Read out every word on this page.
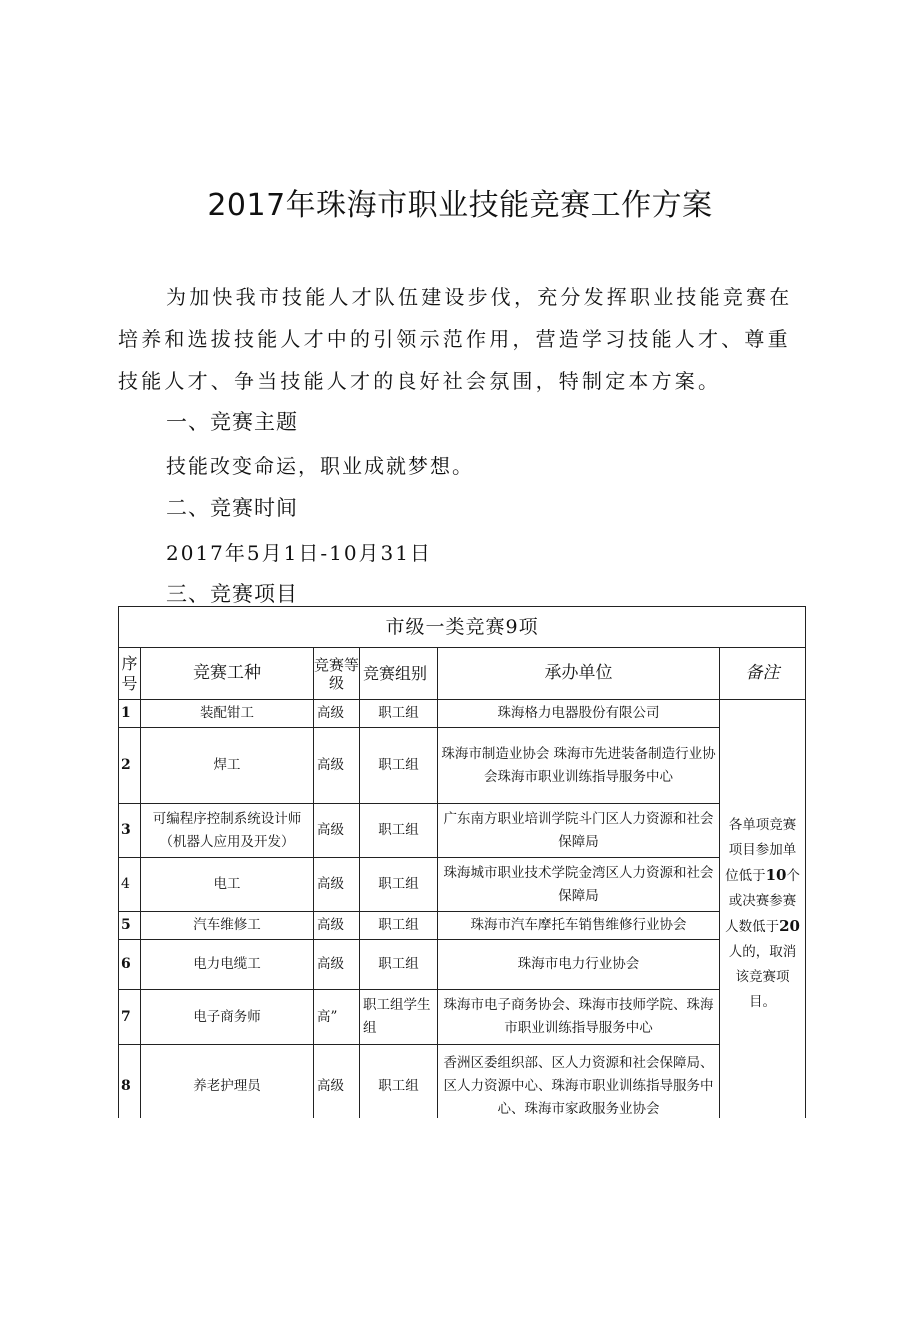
2017年珠海市职业技能竞赛工作方案
为加快我市技能人才队伍建设步伐，充分发挥职业技能竞赛在培养和选拔技能人才中的引领示范作用，营造学习技能人才、尊重技能人才、争当技能人才的良好社会氛围，特制定本方案。
一、竞赛主题
技能改变命运，职业成就梦想。
二、竞赛时间
2017年5月1日-10月31日
三、竞赛项目
市级一类竞赛9项					
序号	竞赛工种	竞赛等级	竞赛组别	承办单位	备注
1	装配钳工	高级	职工组	珠海格力电器股份有限公司	各单项竞赛项目参加单位低于10个或决赛参赛人数低于20人的，取消该竞赛项目。
2	焊工	高级	职工组	珠海市制造业协会 珠海市先进装备制造行业协会珠海市职业训练指导服务中心	
3	可编程序控制系统设计师（机器人应用及开发）	高级	职工组	广东南方职业培训学院斗门区人力资源和社会保障局	
4	电工	高级	职工组	珠海城市职业技术学院金湾区人力资源和社会保障局	
5	汽车维修工	高级	职工组	珠海市汽车摩托车销售维修行业协会	
6	电力电缆工	高级	职工组	珠海市电力行业协会	
7	电子商务师	高”	职工组学生组	珠海市电子商务协会、珠海市技师学院、珠海市职业训练指导服务中心	
8	养老护理员	高级	职工组	香洲区委组织部、区人力资源和社会保障局、区人力资源中心、珠海市职业训练指导服务中心、珠海市家政服务业协会	
